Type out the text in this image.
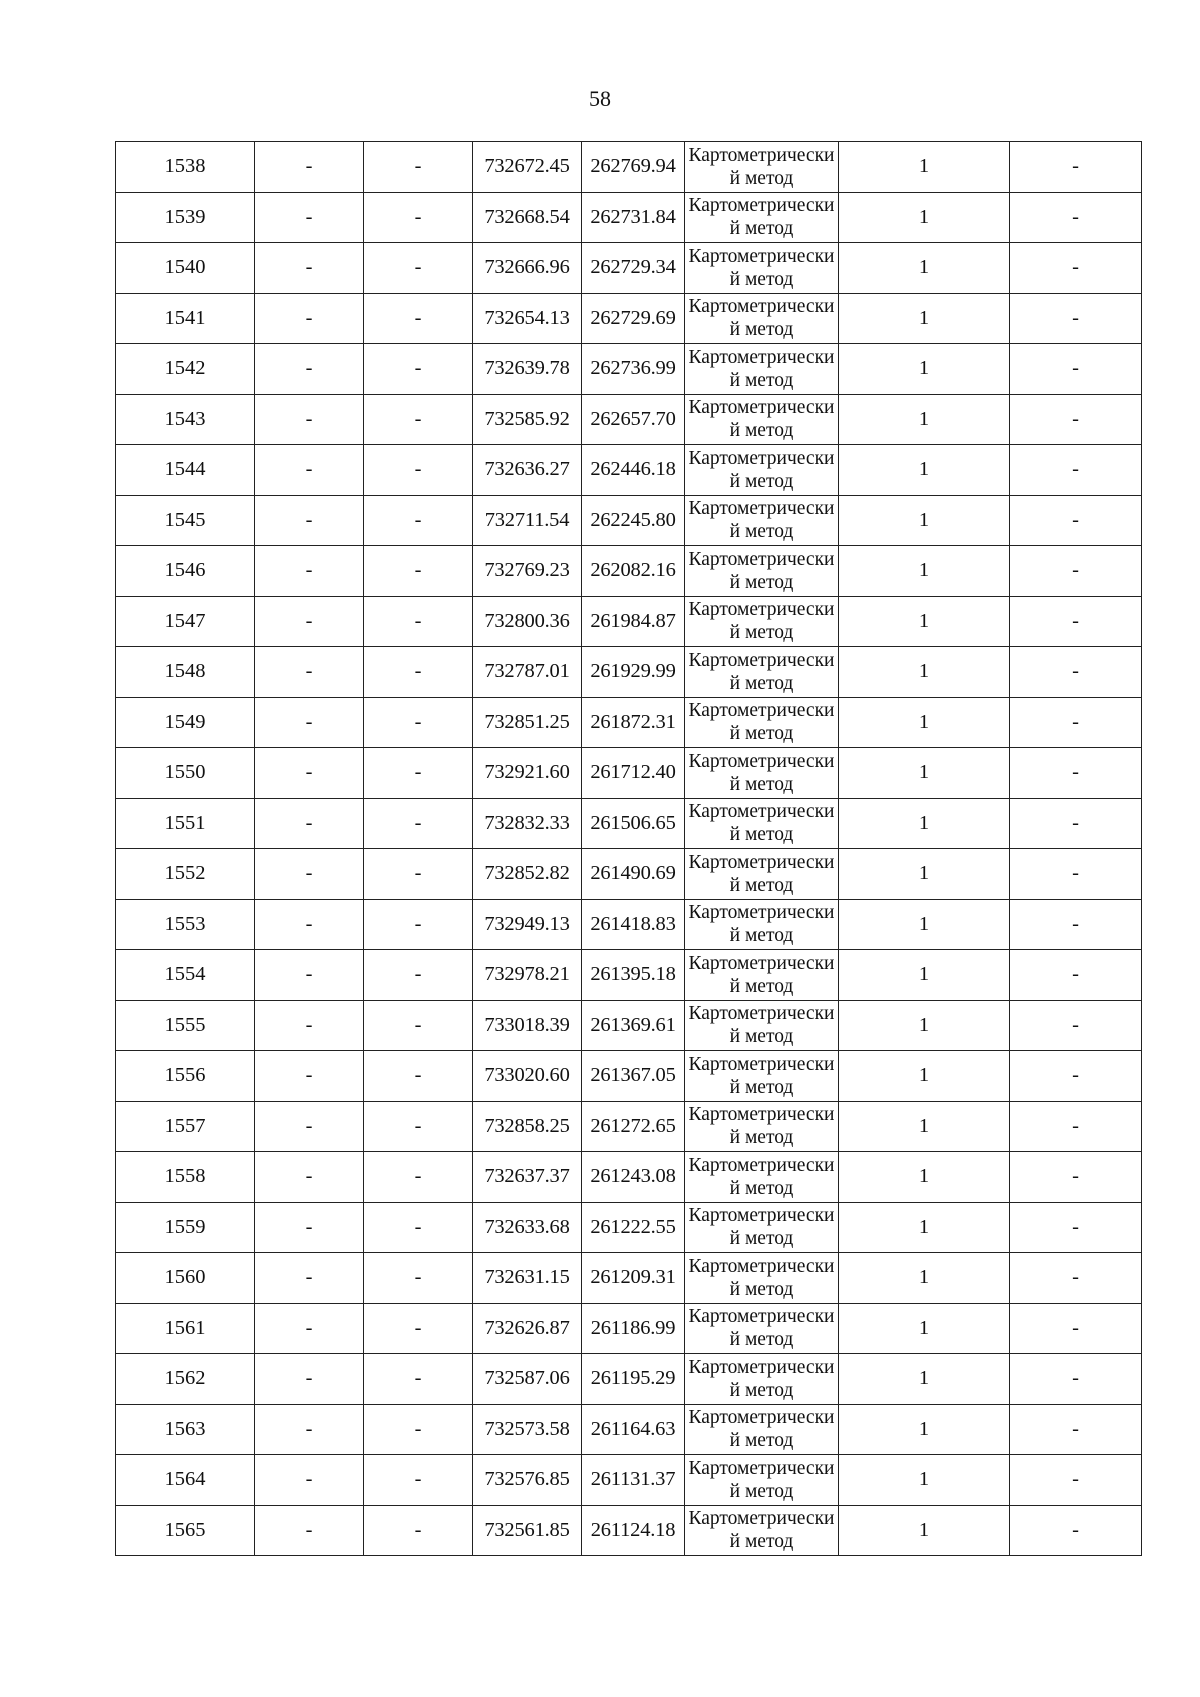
58
1538	-	-	732672.45	262769.94	Картометрический метод	1	-
1539	-	-	732668.54	262731.84	Картометрический метод	1	-
1540	-	-	732666.96	262729.34	Картометрический метод	1	-
1541	-	-	732654.13	262729.69	Картометрический метод	1	-
1542	-	-	732639.78	262736.99	Картометрический метод	1	-
1543	-	-	732585.92	262657.70	Картометрический метод	1	-
1544	-	-	732636.27	262446.18	Картометрический метод	1	-
1545	-	-	732711.54	262245.80	Картометрический метод	1	-
1546	-	-	732769.23	262082.16	Картометрический метод	1	-
1547	-	-	732800.36	261984.87	Картометрический метод	1	-
1548	-	-	732787.01	261929.99	Картометрический метод	1	-
1549	-	-	732851.25	261872.31	Картометрический метод	1	-
1550	-	-	732921.60	261712.40	Картометрический метод	1	-
1551	-	-	732832.33	261506.65	Картометрический метод	1	-
1552	-	-	732852.82	261490.69	Картометрический метод	1	-
1553	-	-	732949.13	261418.83	Картометрический метод	1	-
1554	-	-	732978.21	261395.18	Картометрический метод	1	-
1555	-	-	733018.39	261369.61	Картометрический метод	1	-
1556	-	-	733020.60	261367.05	Картометрический метод	1	-
1557	-	-	732858.25	261272.65	Картометрический метод	1	-
1558	-	-	732637.37	261243.08	Картометрический метод	1	-
1559	-	-	732633.68	261222.55	Картометрический метод	1	-
1560	-	-	732631.15	261209.31	Картометрический метод	1	-
1561	-	-	732626.87	261186.99	Картометрический метод	1	-
1562	-	-	732587.06	261195.29	Картометрический метод	1	-
1563	-	-	732573.58	261164.63	Картометрический метод	1	-
1564	-	-	732576.85	261131.37	Картометрический метод	1	-
1565	-	-	732561.85	261124.18	Картометрический метод	1	-
